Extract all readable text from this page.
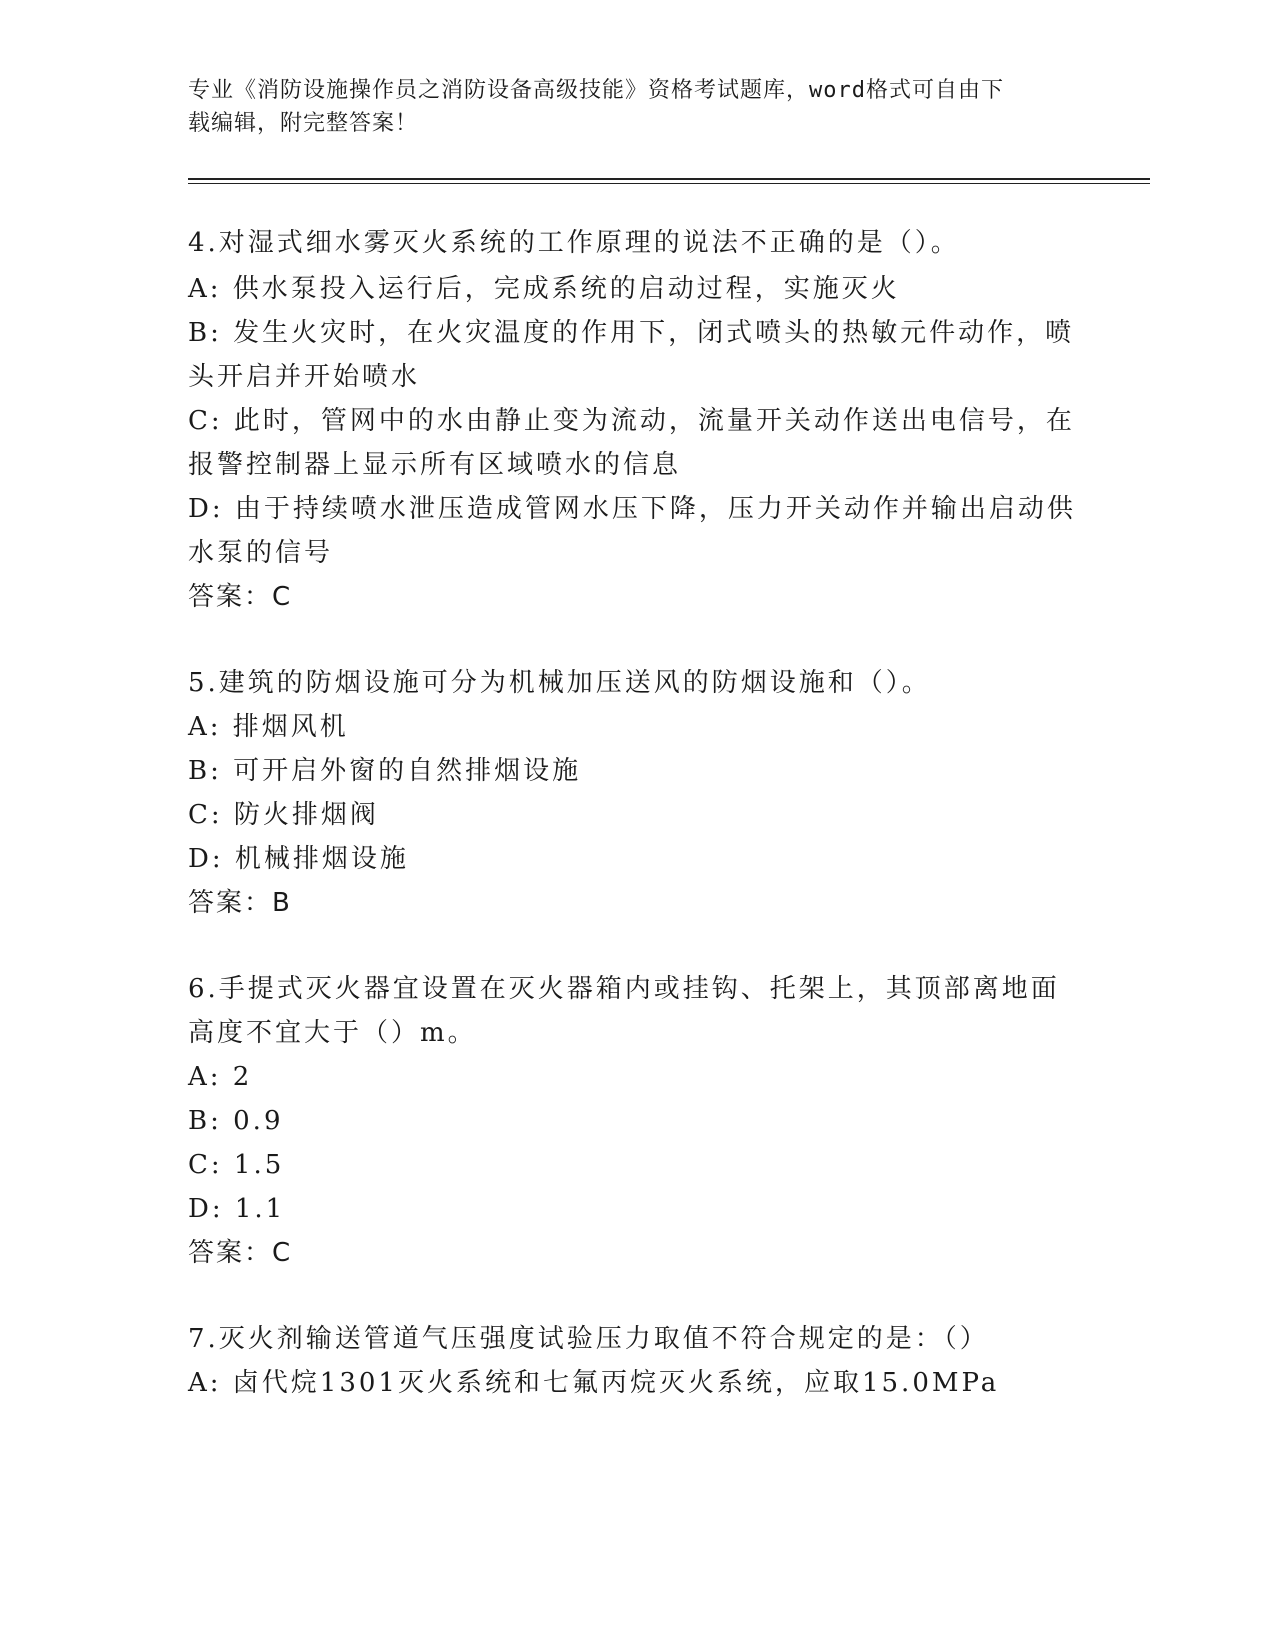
专业《消防设施操作员之消防设备高级技能》资格考试题库，word格式可自由下
载编辑，附完整答案！
4.对湿式细水雾灭火系统的工作原理的说法不正确的是（）。
A: 供水泵投入运行后，完成系统的启动过程，实施灭火
B: 发生火灾时，在火灾温度的作用下，闭式喷头的热敏元件动作，喷
头开启并开始喷水
C: 此时，管网中的水由静止变为流动，流量开关动作送出电信号，在
报警控制器上显示所有区域喷水的信息
D: 由于持续喷水泄压造成管网水压下降，压力开关动作并输出启动供
水泵的信号
答案：C
5.建筑的防烟设施可分为机械加压送风的防烟设施和（）。
A: 排烟风机
B: 可开启外窗的自然排烟设施
C: 防火排烟阀
D: 机械排烟设施
答案：B
6.手提式灭火器宜设置在灭火器箱内或挂钩、托架上，其顶部离地面
高度不宜大于（）m。
A: 2
B: 0.9
C: 1.5
D: 1.1
答案：C
7.灭火剂输送管道气压强度试验压力取值不符合规定的是：（）
A: 卤代烷1301灭火系统和七氟丙烷灭火系统，应取15.0MPa
